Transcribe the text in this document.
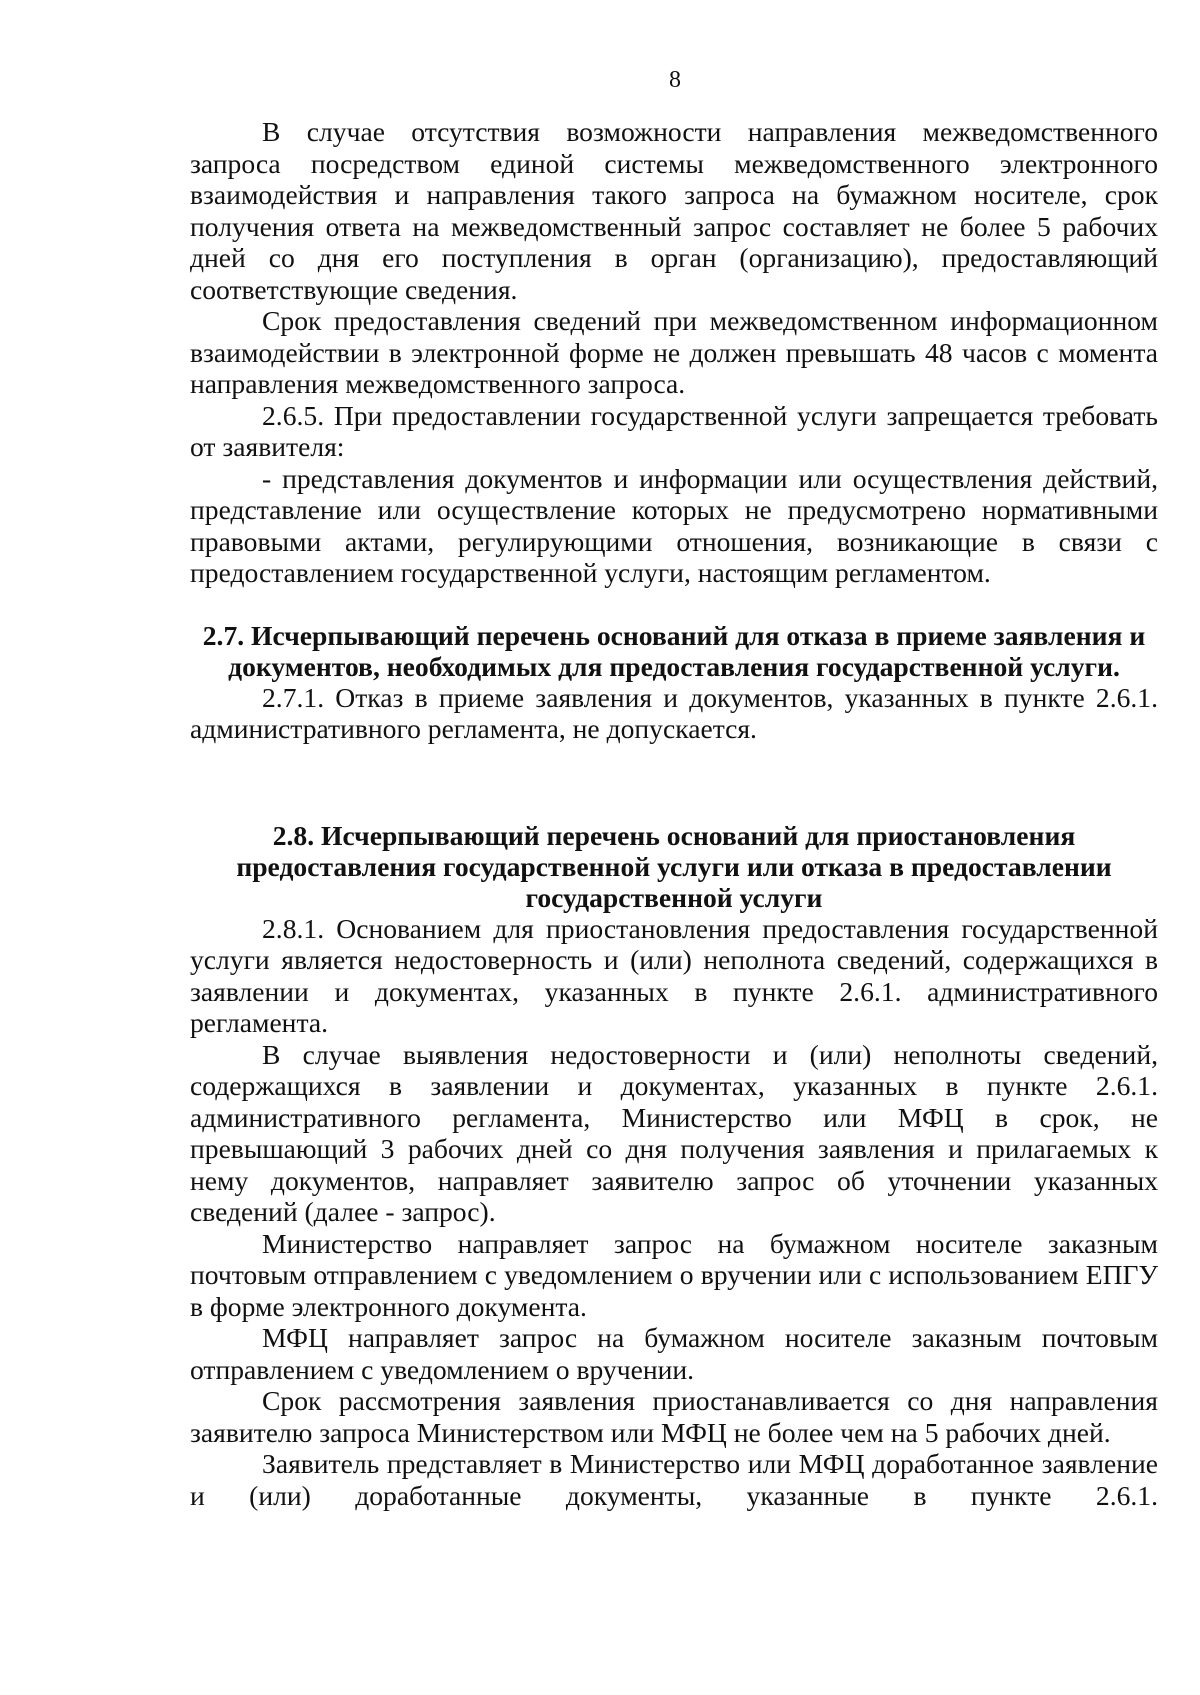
8

В случае отсутствия возможности направления межведомственного запроса посредством единой системы межведомственного электронного взаимодействия и направления такого запроса на бумажном носителе, срок получения ответа на межведомственный запрос составляет не более 5 рабочих дней со дня его поступления в орган (организацию), предоставляющий соответствующие сведения.

Срок предоставления сведений при межведомственном информационном взаимодействии в электронной форме не должен превышать 48 часов с момента направления межведомственного запроса.

2.6.5. При предоставлении государственной услуги запрещается требовать от заявителя:

- представления документов и информации или осуществления действий, представление или осуществление которых не предусмотрено нормативными правовыми актами, регулирующими отношения, возникающие в связи с предоставлением государственной услуги, настоящим регламентом.

2.7. Исчерпывающий перечень оснований для отказа в приеме заявления и документов, необходимых для предоставления государственной услуги.

2.7.1. Отказ в приеме заявления и документов, указанных в пункте 2.6.1. административного регламента, не допускается.

2.8. Исчерпывающий перечень оснований для приостановления предоставления государственной услуги или отказа в предоставлении государственной услуги

2.8.1. Основанием для приостановления предоставления государственной услуги является недостоверность и (или) неполнота сведений, содержащихся в заявлении и документах, указанных в пункте 2.6.1. административного регламента.

В случае выявления недостоверности и (или) неполноты сведений, содержащихся в заявлении и документах, указанных в пункте 2.6.1. административного регламента, Министерство или МФЦ в срок, не превышающий 3 рабочих дней со дня получения заявления и прилагаемых к нему документов, направляет заявителю запрос об уточнении указанных сведений (далее - запрос).

Министерство направляет запрос на бумажном носителе заказным почтовым отправлением с уведомлением о вручении или с использованием ЕПГУ в форме электронного документа.

МФЦ направляет запрос на бумажном носителе заказным почтовым отправлением с уведомлением о вручении.

Срок рассмотрения заявления приостанавливается со дня направления заявителю запроса Министерством или МФЦ не более чем на 5 рабочих дней.

Заявитель представляет в Министерство или МФЦ доработанное заявление и (или) доработанные документы, указанные в пункте 2.6.1.
